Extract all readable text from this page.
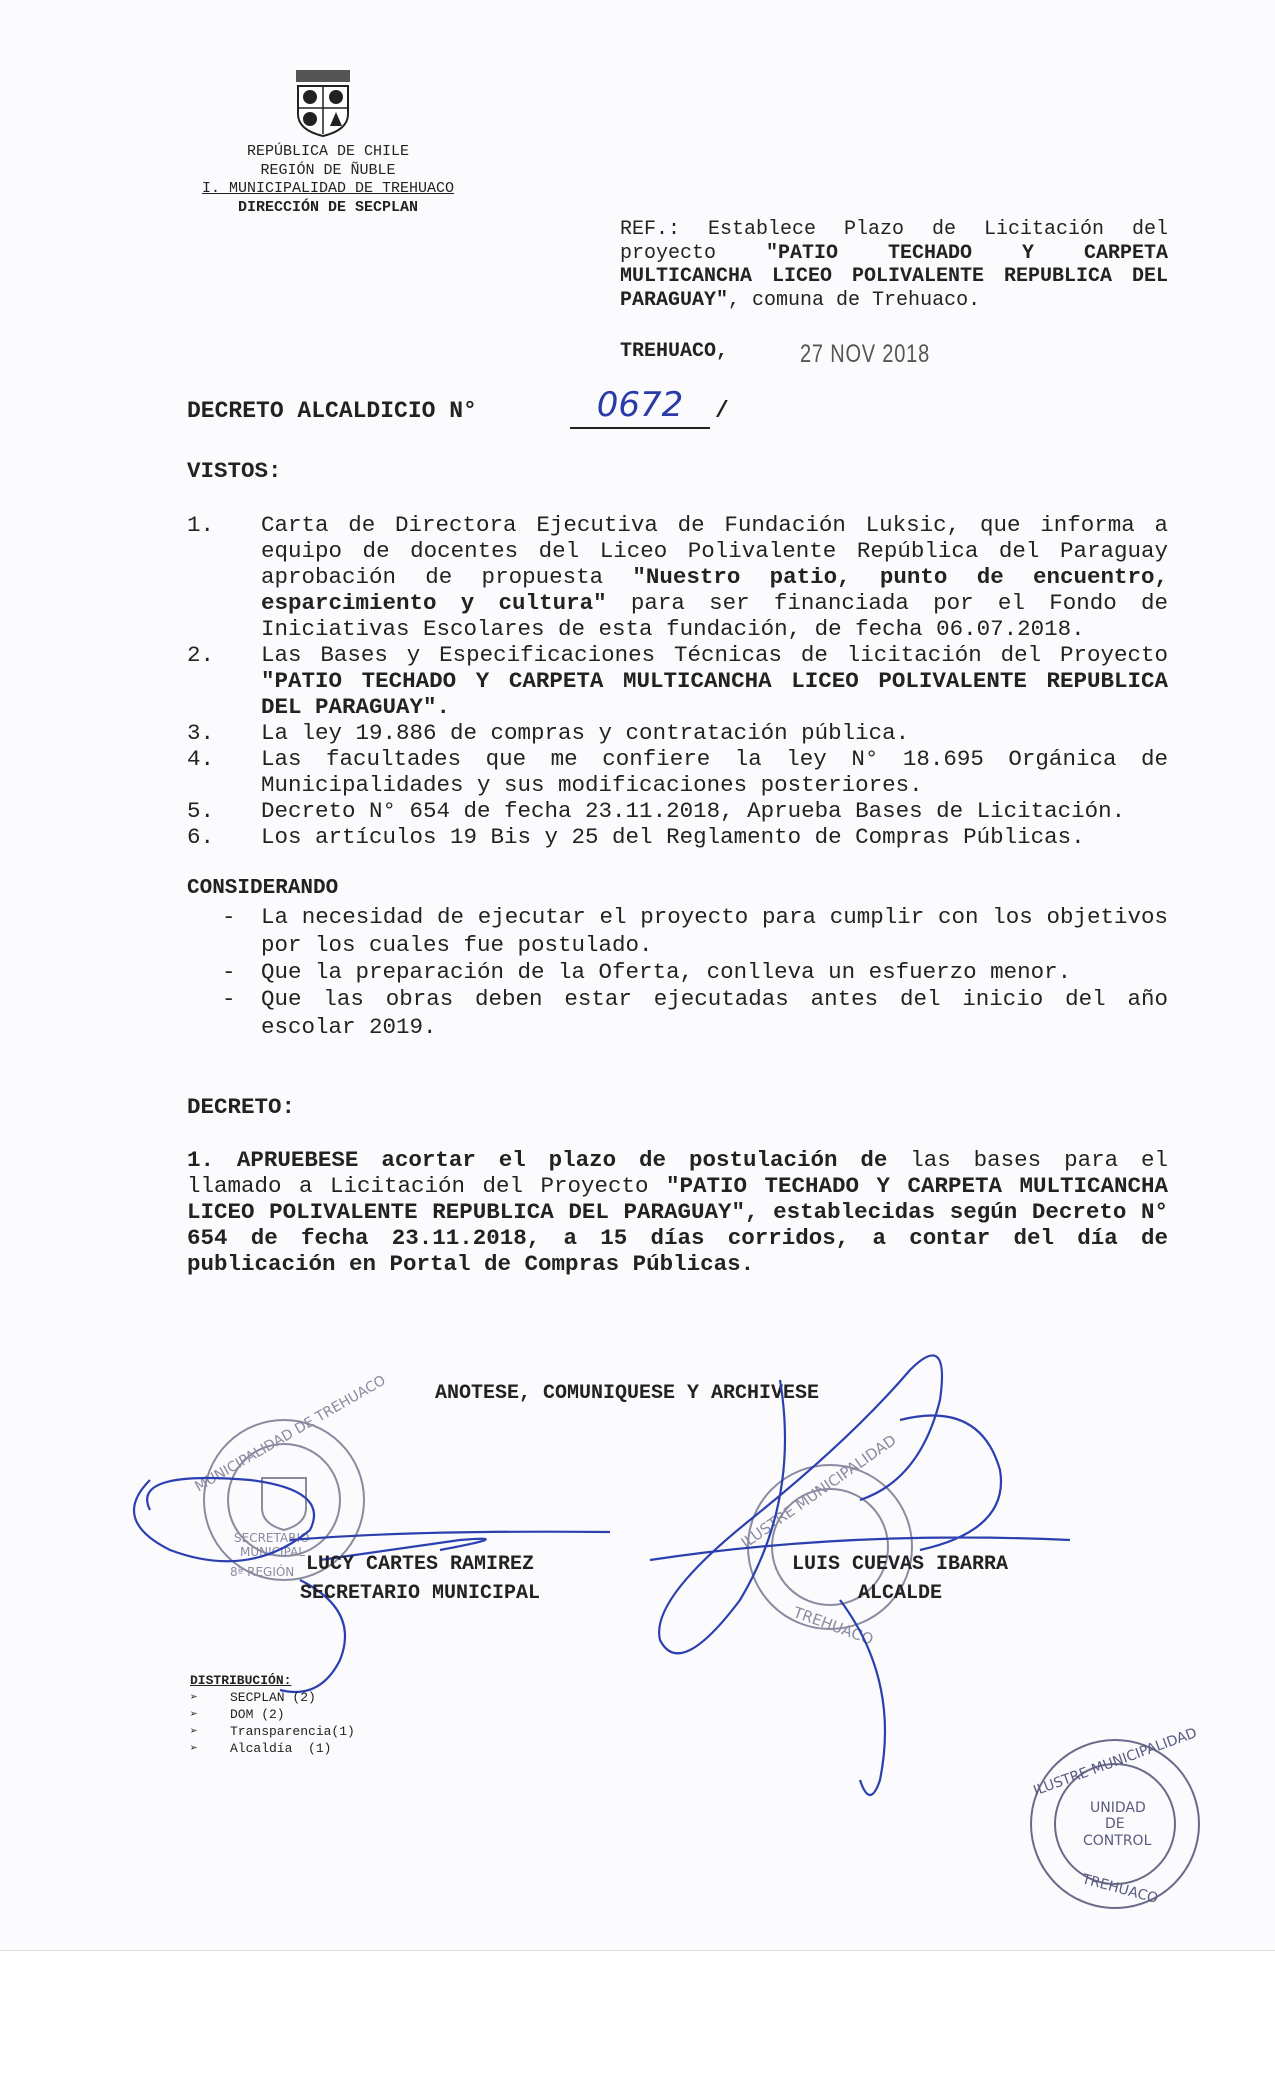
REPÚBLICA DE CHILE
REGIÓN DE ÑUBLE
I. MUNICIPALIDAD DE TREHUACO
DIRECCIÓN DE SECPLAN
REF.: Establece Plazo de Licitación del
proyecto "PATIO TECHADO Y CARPETA
MULTICANCHA LICEO POLIVALENTE REPUBLICA DEL
PARAGUAY", comuna de Trehuaco.
TREHUACO,	27 NOV 2018
DECRETO ALCALDICIO N°	0672	/
VISTOS:
1. Carta de Directora Ejecutiva de Fundación Luksic, que informa a equipo de docentes del Liceo Polivalente República del Paraguay aprobación de propuesta "Nuestro patio, punto de encuentro, esparcimiento y cultura" para ser financiada por el Fondo de Iniciativas Escolares de esta fundación, de fecha 06.07.2018.
2. Las Bases y Especificaciones Técnicas de licitación del Proyecto "PATIO TECHADO Y CARPETA MULTICANCHA LICEO POLIVALENTE REPUBLICA DEL PARAGUAY".
3. La ley 19.886 de compras y contratación pública.
4. Las facultades que me confiere la ley N° 18.695 Orgánica de Municipalidades y sus modificaciones posteriores.
5. Decreto N° 654 de fecha 23.11.2018, Aprueba Bases de Licitación.
6. Los artículos 19 Bis y 25 del Reglamento de Compras Públicas.
CONSIDERANDO
- La necesidad de ejecutar el proyecto para cumplir con los objetivos por los cuales fue postulado.
- Que la preparación de la Oferta, conlleva un esfuerzo menor.
- Que las obras deben estar ejecutadas antes del inicio del año escolar 2019.
DECRETO:
1. APRUEBESE acortar el plazo de postulación de las bases para el llamado a Licitación del Proyecto "PATIO TECHADO Y CARPETA MULTICANCHA LICEO POLIVALENTE REPUBLICA DEL PARAGUAY", establecidas según Decreto N° 654 de fecha 23.11.2018, a 15 días corridos, a contar del día de publicación en Portal de Compras Públicas.
ANOTESE, COMUNIQUESE Y ARCHIVESE
MUNICIPALIDAD DE TREHUACO
SECRETARIO
MUNICIPAL
8ª REGIÓN
ILUSTRE MUNICIPALIDAD
TREHUACO
ILUSTRE MUNICIPALIDAD
UNIDAD
DE
CONTROL
TREHUACO
LUCY CARTES RAMIREZ
SECRETARIO MUNICIPAL
LUIS CUEVAS IBARRA
ALCALDE
DISTRIBUCIÓN:
➢	SECPLAN (2)
➢	DOM (2)
➢	Transparencia(1)
➢	Alcaldía  (1)
